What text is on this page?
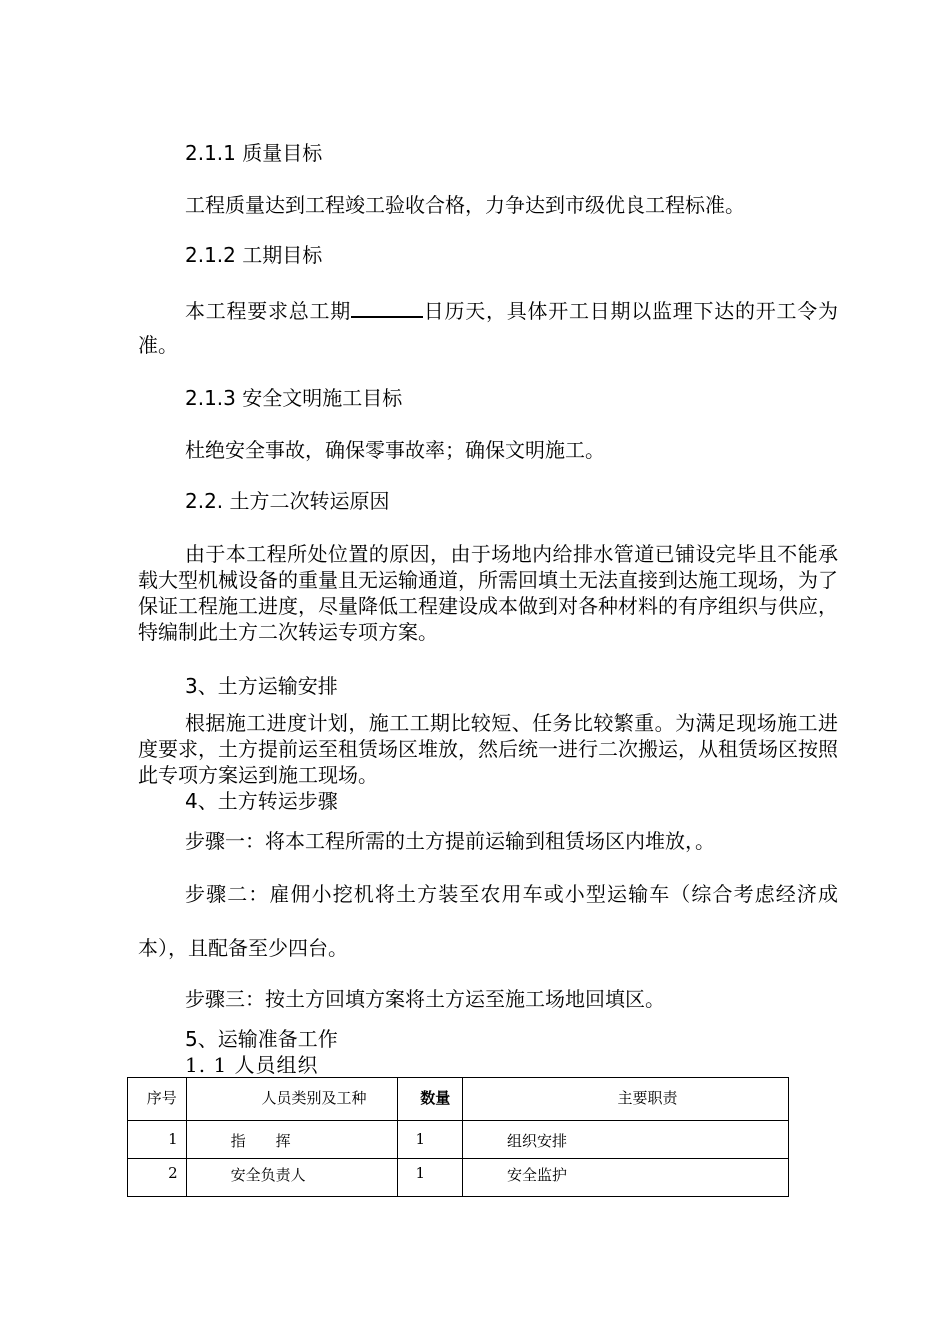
2.1.1 质量目标
工程质量达到工程竣工验收合格，力争达到市级优良工程标准。
2.1.2 工期目标
本工程要求总工期	日历天，具体开工日期以监理下达的开工令为准。
2.1.3 安全文明施工目标
杜绝安全事故，确保零事故率；确保文明施工。
2.2. 土方二次转运原因
由于本工程所处位置的原因，由于场地内给排水管道已铺设完毕且不能承载大型机械设备的重量且无运输通道，所需回填土无法直接到达施工现场，为了保证工程施工进度，尽量降低工程建设成本做到对各种材料的有序组织与供应，特编制此土方二次转运专项方案。
3、土方运输安排
根据施工进度计划，施工工期比较短、任务比较繁重。为满足现场施工进度要求，土方提前运至租赁场区堆放，然后统一进行二次搬运，从租赁场区按照此专项方案运到施工现场。
4、土方转运步骤
步骤一：将本工程所需的土方提前运输到租赁场区内堆放，。
步骤二：雇佣小挖机将土方装至农用车或小型运输车（综合考虑经济成本），且配备至少四台。
步骤三：按土方回填方案将土方运至施工场地回填区。
5、运输准备工作
1. 1 人员组织
序号	人员类别及工种	数量	主要职责

1	指　　挥	1	组织安排

2	安全负责人	1	安全监护
